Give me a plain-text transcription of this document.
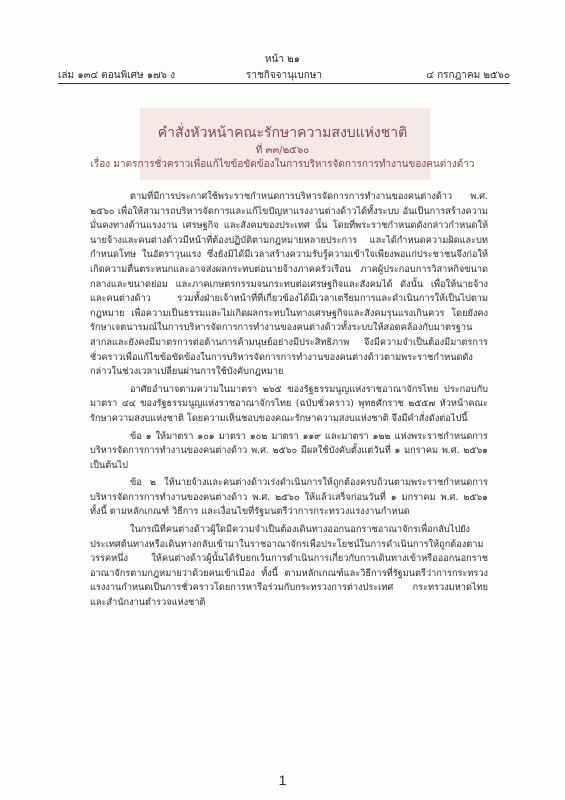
หน้า ๒๑
เล่ม ๑๓๔ ตอนพิเศษ ๑๗๖ ง	ราชกิจจานุเบกษา	๔ กรกฎาคม ๒๕๖๐
คำสั่งหัวหน้าคณะรักษาความสงบแห่งชาติ
ที่ ๓๓/๒๕๖๐
เรื่อง มาตรการชั่วคราวเพื่อแก้ไขข้อขัดข้องในการบริหารจัดการการทำงานของคนต่างด้าว

ตามที่มีการประกาศใช้พระราชกำหนดการบริหารจัดการการทำงานของคนต่างด้าว พ.ศ. ๒๕๖๐ เพื่อให้สามารถบริหารจัดการและแก้ไขปัญหาแรงงานต่างด้าวได้ทั้งระบบ อันเป็นการสร้างความมั่นคงทางด้านแรงงาน เศรษฐกิจ และสังคมของประเทศ นั้น โดยที่พระราชกำหนดดังกล่าวกำหนดให้นายจ้างและคนต่างด้าวมีหน้าที่ต้องปฏิบัติตามกฎหมายหลายประการ และได้กำหนดความผิดและบทกำหนดโทษ ในอัตราวุนแรง ซึ่งยังมิได้มีเวลาสร้างความรับรู้ความเข้าใจเพียงพอแก่ประชาชนจึงก่อให้เกิดความตื่นตระหนกและอาจส่งผลกระทบต่อนายจ้างภาคครัวเรือน ภาคผู้ประกอบการวิสาหกิจขนาดกลางและขนาดย่อม และภาคเกษตรกรรมจนกระทบต่อเศรษฐกิจและสังคมได้ ดังนั้น เพื่อให้นายจ้างและคนต่างด้าว รวมทั้งฝ่ายเจ้าหน้าที่ที่เกี่ยวข้องได้มีเวลาเตรียมการและดำเนินการให้เป็นไปตามกฎหมาย เพื่อความเป็นธรรมและไม่เกิดผลกระทบในทางเศรษฐกิจและสังคมรุนแรงเกินควร โดยยังคงรักษาเจตนารมณ์ในการบริหารจัดการการทำงานของคนต่างด้าวทั้งระบบให้สอดคล้องกับมาตรฐานสากลและยังคงมีมาตรการต่อต้านการค้ามนุษย์อย่างมีประสิทธิภาพ จึงมีความจำเป็นต้องมีมาตรการชั่วคราวเพื่อแก้ไขข้อขัดข้องในการบริหารจัดการการทำงานของคนต่างด้าวตามพระราชกำหนดดังกล่าวในช่วงเวลาเปลี่ยนผ่านการใช้บังคับกฎหมาย

อาศัยอำนาจตามความในมาตรา ๒๖๕ ของรัฐธรรมนูญแห่งราชอาณาจักรไทย ประกอบกับมาตรา ๔๔ ของรัฐธรรมนูญแห่งราชอาณาจักรไทย (ฉบับชั่วคราว) พุทธศักราช ๒๕๕๗ หัวหน้าคณะรักษาความสงบแห่งชาติ โดยความเห็นชอบของคณะรักษาความสงบแห่งชาติ จึงมีคำสั่งดังต่อไปนี้

ข้อ ๑ ให้มาตรา ๑๐๑ มาตรา ๑๐๒ มาตรา ๑๑๙ และมาตรา ๑๒๒ แห่งพระราชกำหนดการบริหารจัดการการทำงานของคนต่างด้าว พ.ศ. ๒๕๖๐ มีผลใช้บังคับตั้งแต่วันที่ ๑ มกราคม พ.ศ. ๒๕๖๑ เป็นต้นไป

ข้อ ๒ ให้นายจ้างและคนต่างด้าวเร่งดำเนินการให้ถูกต้องครบถ้วนตามพระราชกำหนดการบริหารจัดการการทำงานของคนต่างด้าว พ.ศ. ๒๕๖๐ ให้แล้วเสร็จก่อนวันที่ ๑ มกราคม พ.ศ. ๒๕๖๑ ทั้งนี้ ตามหลักเกณฑ์ วิธีการ และเงื่อนไขที่รัฐมนตรีว่าการกระทรวงแรงงานกำหนด

ในกรณีที่คนต่างด้าวผู้ใดมีความจำเป็นต้องเดินทางออกนอกราชอาณาจักรเพื่อกลับไปยังประเทศต้นทางหรือเดินทางกลับเข้ามาในราชอาณาจักรเพื่อประโยชน์ในการดำเนินการให้ถูกต้องตามวรรคหนึ่ง ให้คนต่างด้าวผู้นั้นได้รับยกเว้นการดำเนินการเกี่ยวกับการเดินทางเข้าหรือออกนอกราชอาณาจักรตามกฎหมายว่าด้วยคนเข้าเมือง ทั้งนี้ ตามหลักเกณฑ์และวิธีการที่รัฐมนตรีว่าการกระทรวงแรงงานกำหนดเป็นการชั่วคราวโดยการหารือร่วมกับกระทรวงการต่างประเทศ กระทรวงมหาดไทย และสำนักงานตำรวจแห่งชาติ

1
